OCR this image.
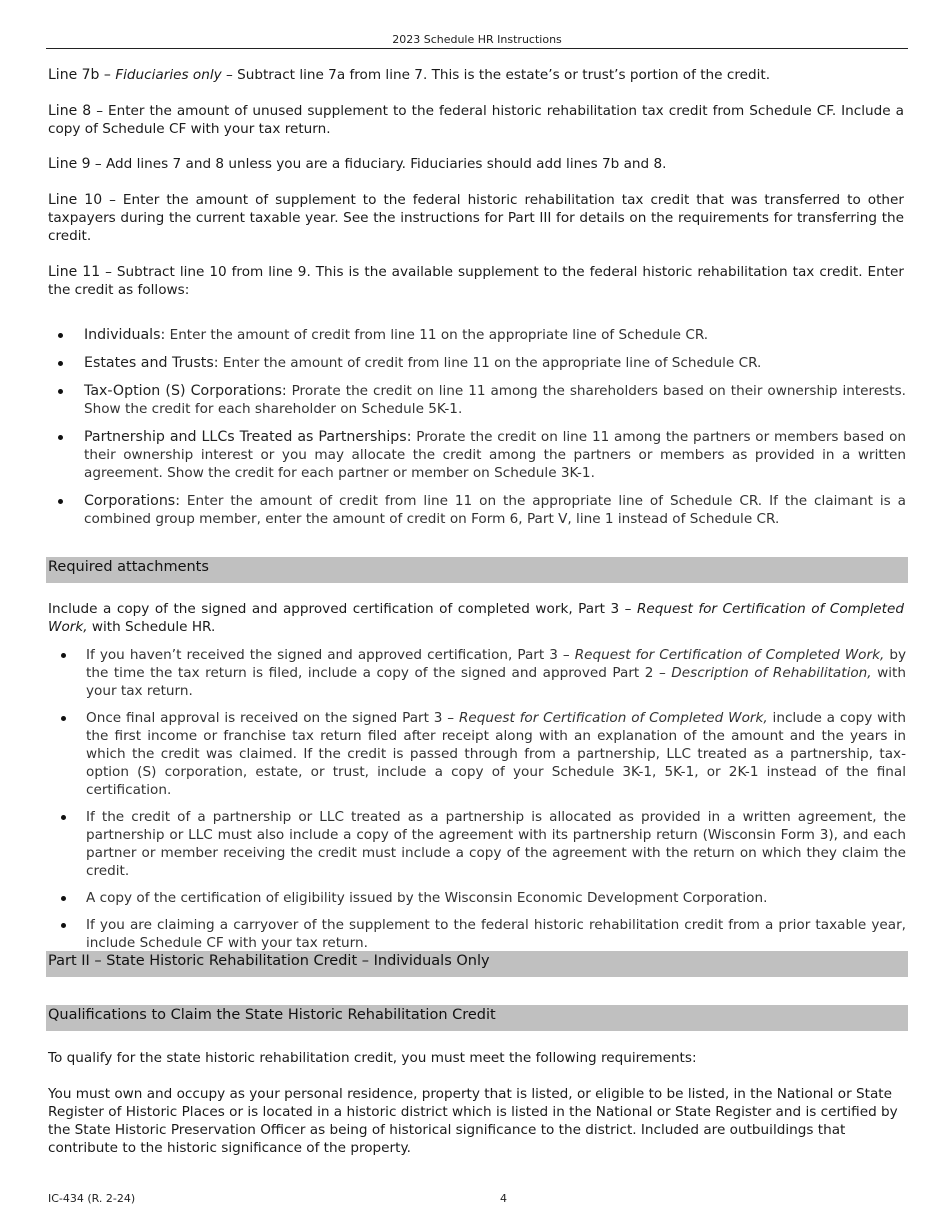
2023 Schedule HR Instructions
Line 7b – Fiduciaries only – Subtract line 7a from line 7. This is the estate’s or trust’s portion of the credit.
Line 8 – Enter the amount of unused supplement to the federal historic rehabilitation tax credit from Schedule CF. Include a copy of Schedule CF with your tax return.
Line 9 – Add lines 7 and 8 unless you are a fiduciary. Fiduciaries should add lines 7b and 8.
Line 10 – Enter the amount of supplement to the federal historic rehabilitation tax credit that was transferred to other taxpayers during the current taxable year. See the instructions for Part III for details on the requirements for transferring the credit.
Line 11 – Subtract line 10 from line 9. This is the available supplement to the federal historic rehabilitation tax credit. Enter the credit as follows:
Individuals: Enter the amount of credit from line 11 on the appropriate line of Schedule CR.
Estates and Trusts: Enter the amount of credit from line 11 on the appropriate line of Schedule CR.
Tax-Option (S) Corporations: Prorate the credit on line 11 among the shareholders based on their ownership interests. Show the credit for each shareholder on Schedule 5K-1.
Partnership and LLCs Treated as Partnerships: Prorate the credit on line 11 among the partners or members based on their ownership interest or you may allocate the credit among the partners or members as provided in a written agreement. Show the credit for each partner or member on Schedule 3K-1.
Corporations: Enter the amount of credit from line 11 on the appropriate line of Schedule CR. If the claimant is a combined group member, enter the amount of credit on Form 6, Part V, line 1 instead of Schedule CR.
Required attachments
Include a copy of the signed and approved certification of completed work, Part 3 – Request for Certification of Completed Work, with Schedule HR.
If you haven’t received the signed and approved certification, Part 3 – Request for Certification of Completed Work, by the time the tax return is filed, include a copy of the signed and approved Part 2 – Description of Rehabilitation, with your tax return.
Once final approval is received on the signed Part 3 – Request for Certification of Completed Work, include a copy with the first income or franchise tax return filed after receipt along with an explanation of the amount and the years in which the credit was claimed. If the credit is passed through from a partnership, LLC treated as a partnership, tax- option (S) corporation, estate, or trust, include a copy of your Schedule 3K-1, 5K-1, or 2K-1 instead of the final certification.
If the credit of a partnership or LLC treated as a partnership is allocated as provided in a written agreement, the partnership or LLC must also include a copy of the agreement with its partnership return (Wisconsin Form 3), and each partner or member receiving the credit must include a copy of the agreement with the return on which they claim the credit.
A copy of the certification of eligibility issued by the Wisconsin Economic Development Corporation.
If you are claiming a carryover of the supplement to the federal historic rehabilitation credit from a prior taxable year, include Schedule CF with your tax return.
Part II – State Historic Rehabilitation Credit – Individuals Only
Qualifications to Claim the State Historic Rehabilitation Credit
To qualify for the state historic rehabilitation credit, you must meet the following requirements:
You must own and occupy as your personal residence, property that is listed, or eligible to be listed, in the National or State Register of Historic Places or is located in a historic district which is listed in the National or State Register and is certified by the State Historic Preservation Officer as being of historical significance to the district. Included are outbuildings that contribute to the historic significance of the property.
IC-434 (R. 2-24)	4
